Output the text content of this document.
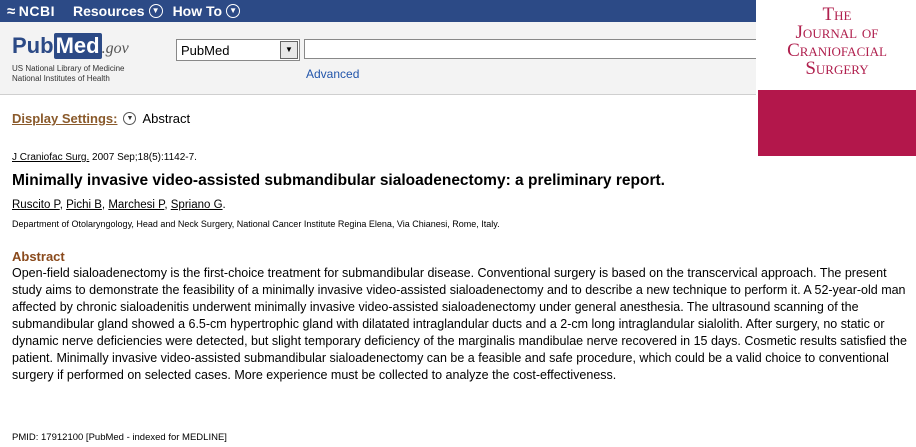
≈ NCBI Resources ▼ How To ▼
PubMed .gov
US National Library of Medicine
National Institutes of Health
PubMed	▼
Advanced
The
Journal of
Craniofacial
Surgery
Display Settings:	▼ Abstract
J Craniofac Surg. 2007 Sep;18(5):1142-7.
Minimally invasive video-assisted submandibular sialoadenectomy: a preliminary report.
Ruscito P, Pichi B, Marchesi P, Spriano G.
Department of Otolaryngology, Head and Neck Surgery, National Cancer Institute Regina Elena, Via Chianesi, Rome, Italy.
Abstract
Open-field sialoadenectomy is the first-choice treatment for submandibular disease. Conventional surgery is based on the transcervical approach. The present study aims to demonstrate the feasibility of a minimally invasive video-assisted sialoadenectomy and to describe a new technique to perform it. A 52-year-old man affected by chronic sialoadenitis underwent minimally invasive video-assisted sialoadenectomy under general anesthesia. The ultrasound scanning of the submandibular gland showed a 6.5-cm hypertrophic gland with dilatated intraglandular ducts and a 2-cm long intraglandular sialolith. After surgery, no static or dynamic nerve deficiencies were detected, but slight temporary deficiency of the marginalis mandibulae nerve recovered in 15 days. Cosmetic results satisfied the patient. Minimally invasive video-assisted submandibular sialoadenectomy can be a feasible and safe procedure, which could be a valid choice to conventional surgery if performed on selected cases. More experience must be collected to analyze the cost-effectiveness.
PMID: 17912100 [PubMed - indexed for MEDLINE]
